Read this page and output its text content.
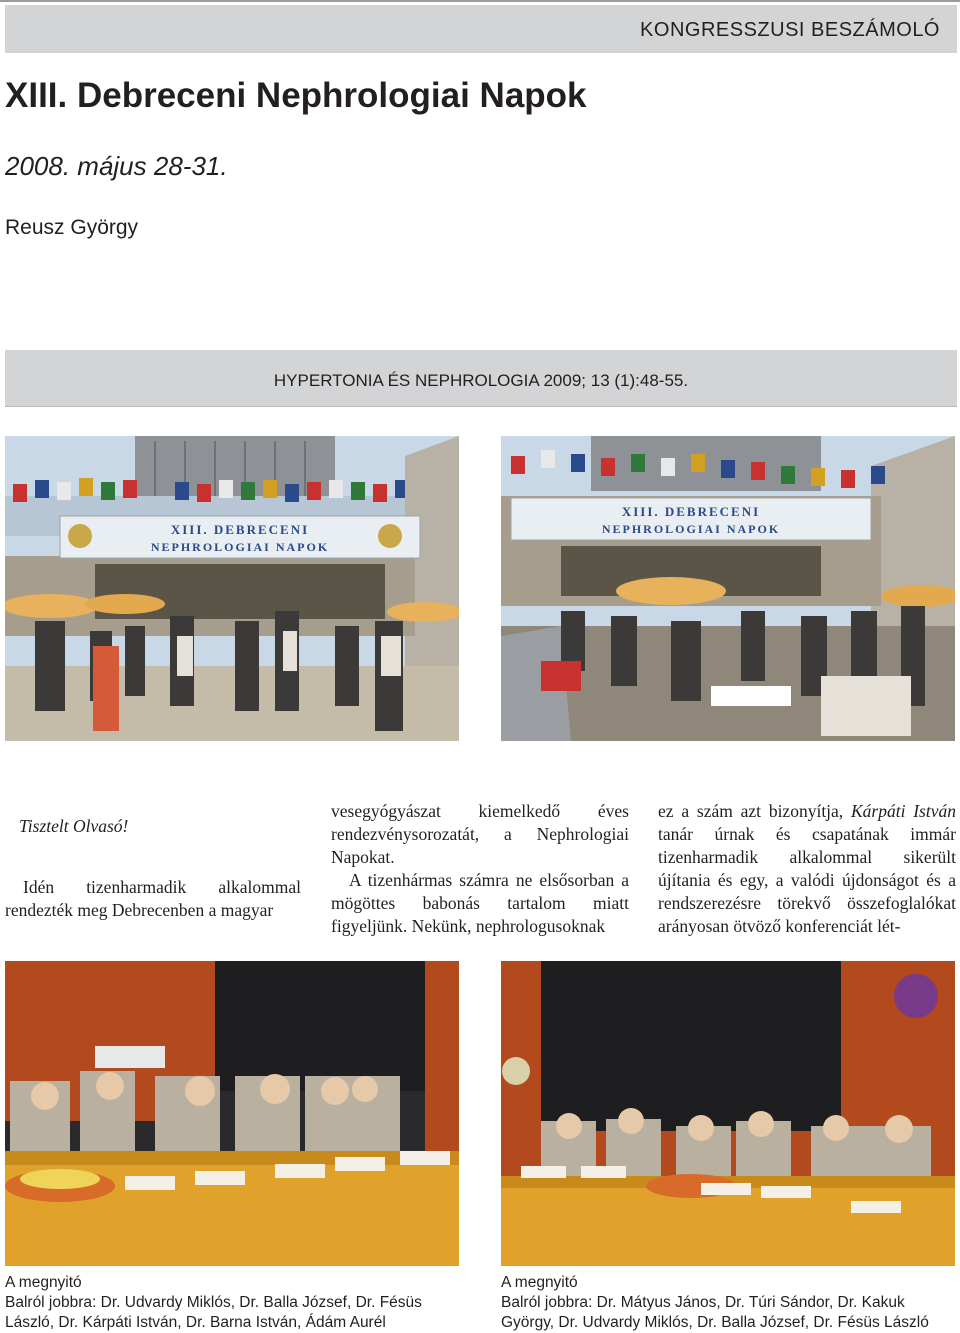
KONGRESSZUSI BESZÁMOLÓ
XIII. Debreceni Nephrologiai Napok
2008. május 28-31.
Reusz György
HYPERTONIA ÉS NEPHROLOGIA 2009; 13 (1):48-55.
XIII. DEBRECENI
NEPHROLOGIAI NAPOK
XIII. DEBRECENI
NEPHROLOGIAI NAPOK

Tisztelt Olvasó!

Idén tizenharmadik alkalommal rendezték meg Debrecenben a magyar

vesegyógyászat kiemelkedő éves rendezvénysorozatát, a Nephrologiai Napokat.

A tizenhármas számra ne elsősorban a mögöttes babonás tartalom miatt figyeljünk. Nekünk, nephrologusoknak

ez a szám azt bizonyítja, Kárpáti István tanár úrnak és csapatának immár tizenharmadik alkalommal sikerült újítania és egy, a valódi újdonságot és a rendszerezésre törekvő összefoglalókat arányosan ötvöző konferenciát lét-

A megnyitó
Balról jobbra: Dr. Udvardy Miklós, Dr. Balla József, Dr. Fésüs
László, Dr. Kárpáti István, Dr. Barna István, Ádám Aurél
A megnyitó
Balról jobbra: Dr. Mátyus János, Dr. Túri Sándor, Dr. Kakuk
György, Dr. Udvardy Miklós, Dr. Balla József, Dr. Fésüs László
